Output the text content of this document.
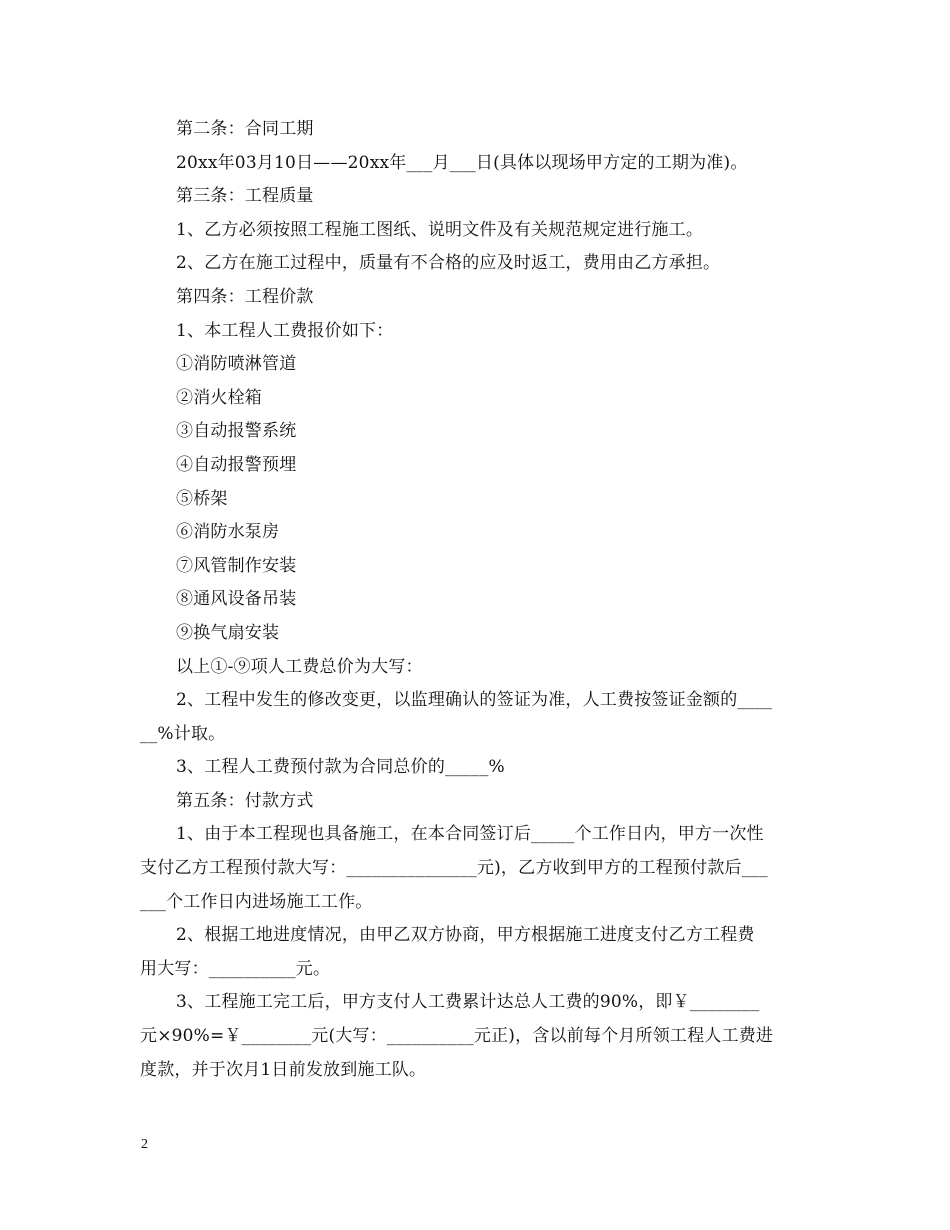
第二条：合同工期
20xx年03月10日——20xx年___月___日(具体以现场甲方定的工期为准)。
第三条：工程质量
1、乙方必须按照工程施工图纸、说明文件及有关规范规定进行施工。
2、乙方在施工过程中，质量有不合格的应及时返工，费用由乙方承担。
第四条：工程价款
1、本工程人工费报价如下：
①消防喷淋管道
②消火栓箱
③自动报警系统
④自动报警预埋
⑤桥架
⑥消防水泵房
⑦风管制作安装
⑧通风设备吊装
⑨换气扇安装
以上①-⑨项人工费总价为大写：
2、工程中发生的修改变更，以监理确认的签证为准，人工费按签证金额的____
__%计取。
3、工程人工费预付款为合同总价的_____%
第五条：付款方式
1、由于本工程现也具备施工，在本合同签订后_____个工作日内，甲方一次性
支付乙方工程预付款大写：_______________元)，乙方收到甲方的工程预付款后___
___个工作日内进场施工工作。
2、根据工地进度情况，由甲乙双方协商，甲方根据施工进度支付乙方工程费
用大写：__________元。
3、工程施工完工后，甲方支付人工费累计达总人工费的90%，即￥________
元×90%=￥________元(大写：__________元正)，含以前每个月所领工程人工费进
度款，并于次月1日前发放到施工队。
2
